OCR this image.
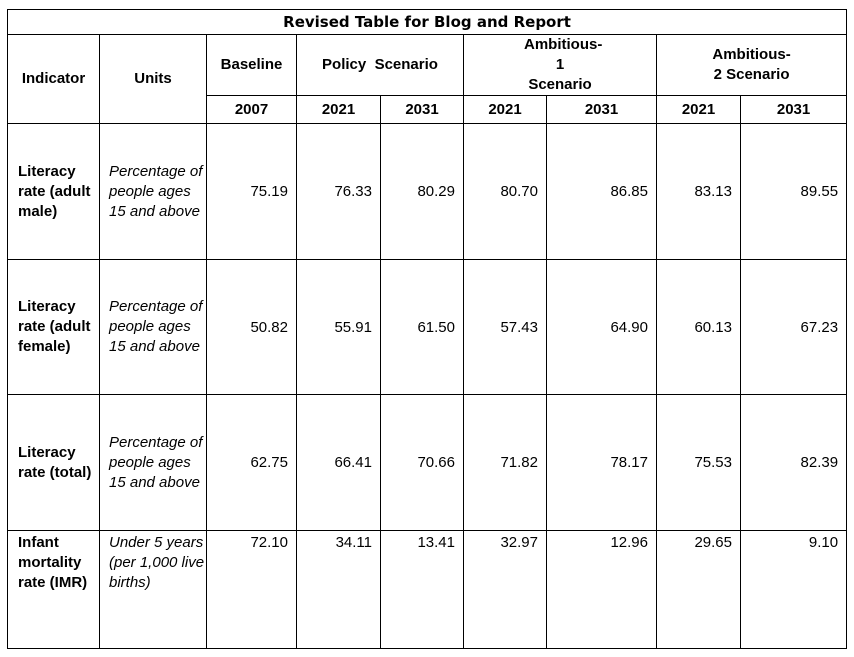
Revised Table for Blog and Report								
Indicator	Units	Baseline	Policy  Scenario		Ambitious-1 Scenario		Ambitious-2 Scenario	
		2007	2021	2031	2021	2031	2021	2031
Literacy rate (adult male)	Percentage of people ages 15 and above	75.19	76.33	80.29	80.70	86.85	83.13	89.55
Literacy rate (adult female)	Percentage of people ages 15 and above	50.82	55.91	61.50	57.43	64.90	60.13	67.23
Literacy rate (total)	Percentage of people ages 15 and above	62.75	66.41	70.66	71.82	78.17	75.53	82.39
Infant mortality rate (IMR)	Under 5 years (per 1,000 live births)	72.10	34.11	13.41	32.97	12.96	29.65	9.10
